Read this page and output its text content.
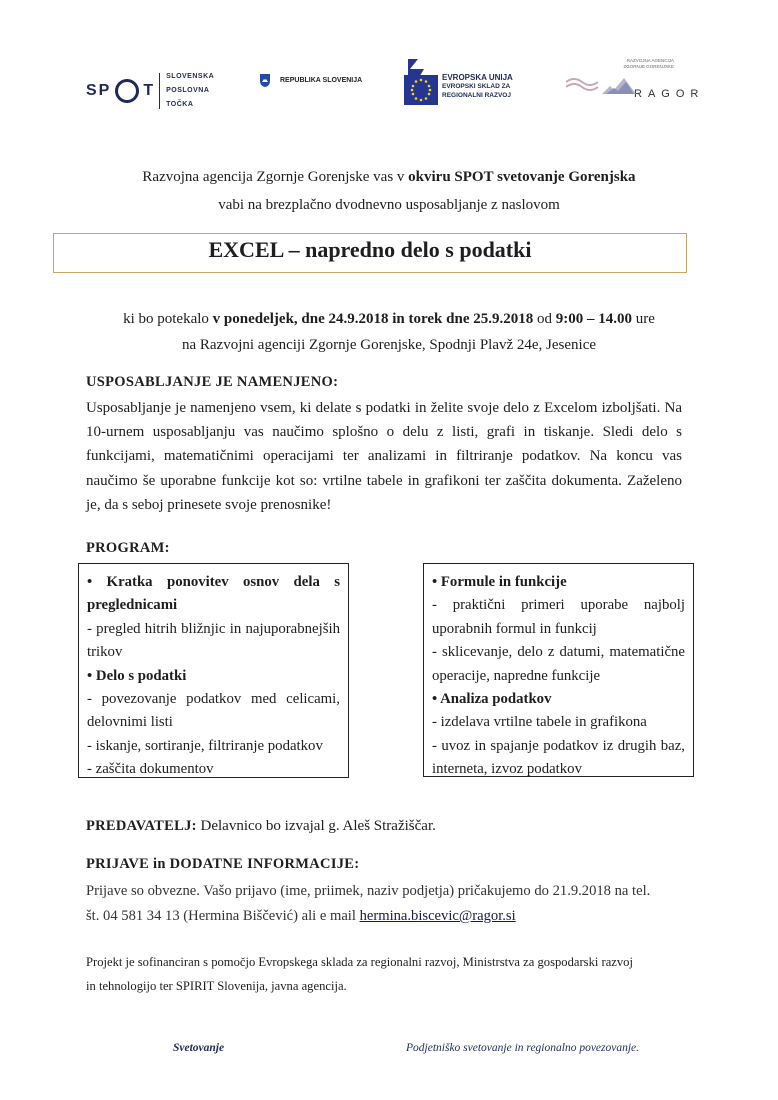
SP T
SLOVENSKA
POSLOVNA
TOČKA
REPUBLIKA SLOVENIJA	EVROPSKA UNIJA
EVROPSKI SKLAD ZA
REGIONALNI RAZVOJ
RAZVOJNA AGENCIJA
ZGORNJE GORENJSKE
RAGOR
Razvojna agencija Zgornje Gorenjske vas v okviru SPOT svetovanje Gorenjska
vabi na brezplačno dvodnevno usposabljanje z naslovom
EXCEL – napredno delo s podatki
ki bo potekalo v ponedeljek, dne 24.9.2018 in torek dne 25.9.2018 od 9:00 – 14.00 ure
na Razvojni agenciji Zgornje Gorenjske, Spodnji Plavž 24e, Jesenice
USPOSABLJANJE JE NAMENJENO:
Usposabljanje je namenjeno vsem, ki delate s podatki in želite svoje delo z Excelom izboljšati. Na 10-urnem usposabljanju vas naučimo splošno o delu z listi, grafi in tiskanje. Sledi delo s funkcijami, matematičnimi operacijami ter analizami in filtriranje podatkov. Na koncu vas naučimo še uporabne funkcije kot so: vrtilne tabele in grafikoni ter zaščita dokumenta. Zaželeno je, da s seboj prinesete svoje prenosnike!
PROGRAM:
• Kratka ponovitev osnov dela s preglednicami
- pregled hitrih bližnjic in najuporabnejših trikov
• Delo s podatki
- povezovanje podatkov med celicami, delovnimi listi
- iskanje, sortiranje, filtriranje podatkov
- zaščita dokumentov
• Formule in funkcije
- praktični primeri uporabe najbolj uporabnih formul in funkcij
- sklicevanje, delo z datumi, matematične operacije, napredne funkcije
• Analiza podatkov
- izdelava vrtilne tabele in grafikona
- uvoz in spajanje podatkov iz drugih baz, interneta, izvoz podatkov
PREDAVATELJ: Delavnico bo izvajal g. Aleš Stražiščar.
PRIJAVE in DODATNE INFORMACIJE:
Prijave so obvezne. Vašo prijavo (ime, priimek, naziv podjetja) pričakujemo do 21.9.2018 na tel.
št. 04 581 34 13 (Hermina Biščević) ali e mail hermina.biscevic@ragor.si
Projekt je sofinanciran s pomočjo Evropskega sklada za regionalni razvoj, Ministrstva za gospodarski razvoj
in tehnologijo ter SPIRIT Slovenija, javna agencija.
Svetovanje	Podjetniško svetovanje in regionalno povezovanje.
